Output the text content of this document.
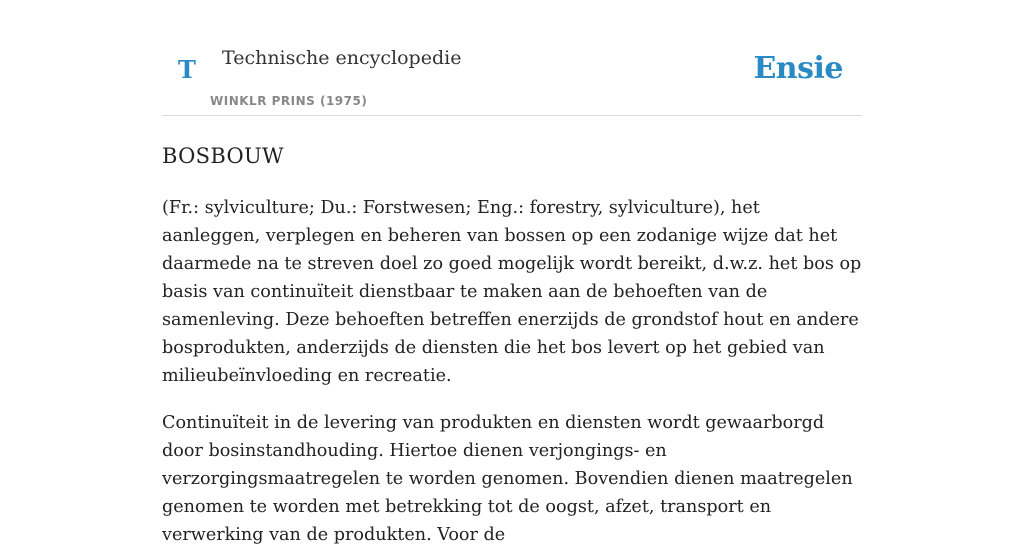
T Technische encyclopedie
WINKLR PRINS (1975)
Ensie
BOSBOUW

(Fr.: sylviculture; Du.: Forstwesen; Eng.: forestry, sylviculture), het aanleggen, verplegen en beheren van bossen op een zodanige wijze dat het daarmede na te streven doel zo goed mogelijk wordt bereikt, d.w.z. het bos op basis van continuïteit dienstbaar te maken aan de behoeften van de samenleving. Deze behoeften betreffen enerzijds de grondstof hout en andere bosprodukten, anderzijds de diensten die het bos levert op het gebied van milieubeïnvloeding en recreatie.

Continuïteit in de levering van produkten en diensten wordt gewaarborgd door bosinstandhouding. Hiertoe dienen verjongings- en verzorgingsmaatregelen te worden genomen. Bovendien dienen maatregelen genomen te worden met betrekking tot de oogst, afzet, transport en verwerking van de produkten. Voor de
